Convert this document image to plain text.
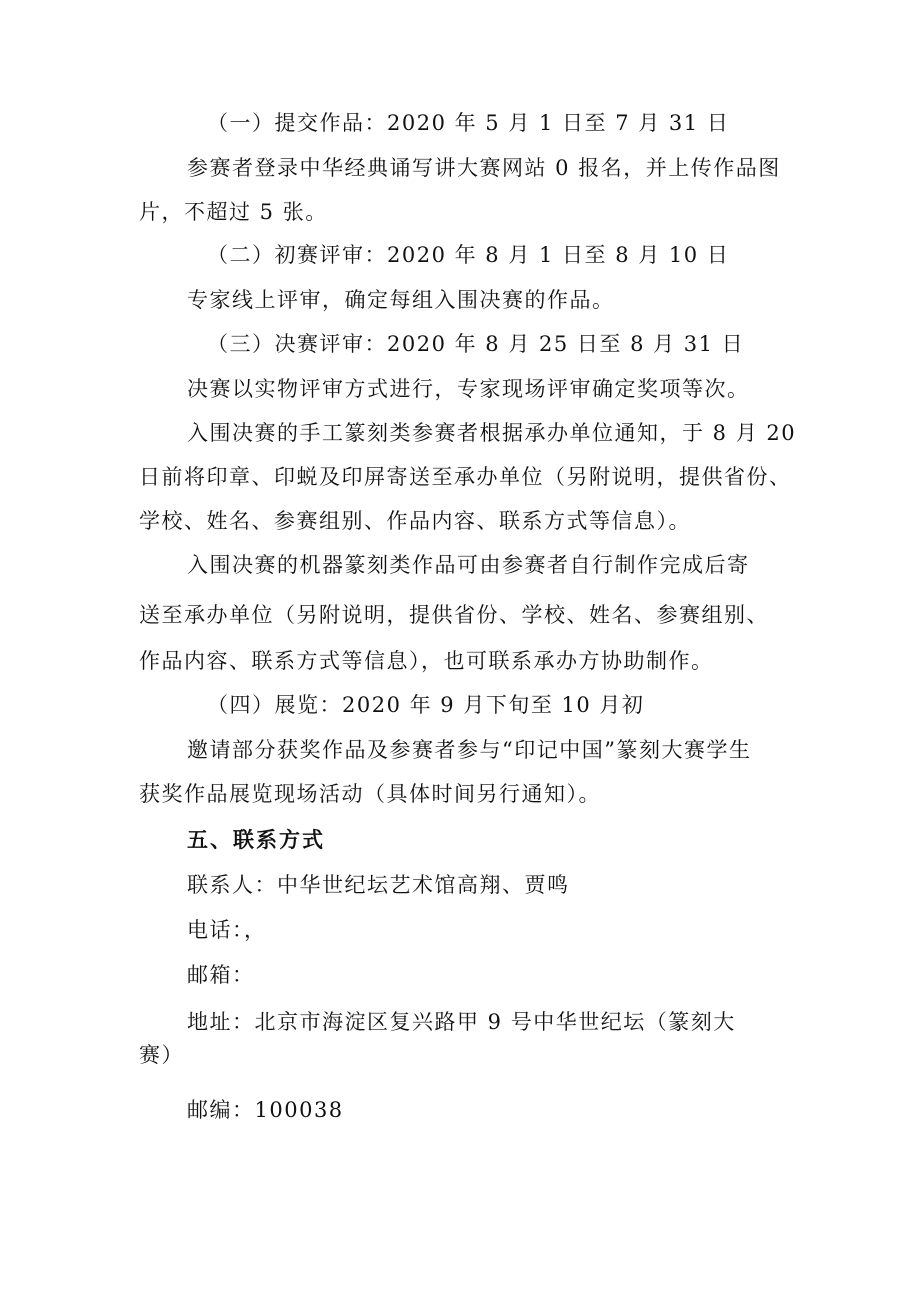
（一）提交作品：2020 年 5 月 1 日至 7 月 31 日
参赛者登录中华经典诵写讲大赛网站 0 报名，并上传作品图
片，不超过 5 张。
（二）初赛评审：2020 年 8 月 1 日至 8 月 10 日
专家线上评审，确定每组入围决赛的作品。
（三）决赛评审：2020 年 8 月 25 日至 8 月 31 日
决赛以实物评审方式进行，专家现场评审确定奖项等次。
入围决赛的手工篆刻类参赛者根据承办单位通知，于 8 月 20
日前将印章、印蜕及印屏寄送至承办单位（另附说明，提供省份、
学校、姓名、参赛组别、作品内容、联系方式等信息）。
入围决赛的机器篆刻类作品可由参赛者自行制作完成后寄
送至承办单位（另附说明，提供省份、学校、姓名、参赛组别、
作品内容、联系方式等信息），也可联系承办方协助制作。
（四）展览：2020 年 9 月下旬至 10 月初
邀请部分获奖作品及参赛者参与“印记中国”篆刻大赛学生
获奖作品展览现场活动（具体时间另行通知）。
五、联系方式
联系人：中华世纪坛艺术馆高翔、贾鸣
电话：，
邮箱：
地址：北京市海淀区复兴路甲 9 号中华世纪坛（篆刻大
赛）
邮编：100038
